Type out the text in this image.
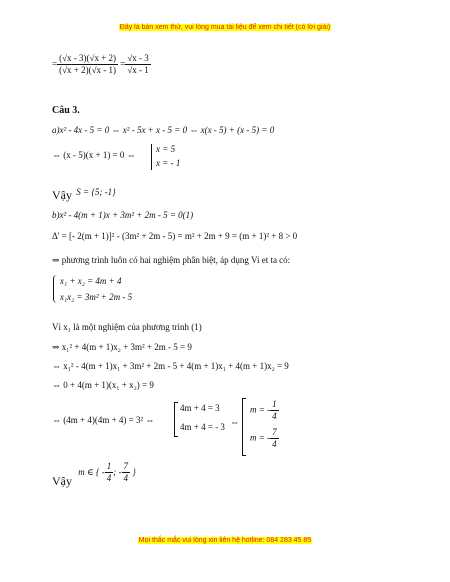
Đây là bản xem thử, vui lòng mua tài liệu để xem chi tiết (có lời giải)
= $\frac{(√x - 3)(√x + 2)}{(√x + 2)(√x - 1)} = \frac{√x - 3}{√x - 1}$
Câu 3.
a)x² - 4x - 5 = 0 ⇔ x² - 5x + x - 5 = 0 ⇔ x(x - 5) + (x - 5) = 0
⇔ (x - 5)(x + 1) = 0 ⇔
x = 5
x = - 1
Vậy S = {5; -1}
b)x² - 4(m + 1)x + 3m² + 2m - 5 = 0(1)
Δ' = [- 2(m + 1)]² - (3m² + 2m - 5) = m² + 2m + 9 = (m + 1)² + 8 > 0
⇒ phương trình luôn có hai nghiệm phân biệt, áp dụng Vi et ta có:
x₁ + x₂ = 4m + 4
x₁x₂ = 3m² + 2m - 5
Vì x₁ là một nghiệm của phương trình (1)
⇒ x₁² + 4(m + 1)x₂ + 3m² + 2m - 5 = 9
⇔ x₁² - 4(m + 1)x₁ + 3m² + 2m - 5 + 4(m + 1)x₁ + 4(m + 1)x₂ = 9
⇔ 0 + 4(m + 1)(x₁ + x₂) = 9
⇔ (4m + 4)(4m + 4) = 3² ⇔
4m + 4 = 3
4m + 4 = - 3 ⇔
m = - $\frac{1}{4}$
m = - $\frac{7}{4}$
Vậy m ∈ { - $\frac{1}{4}$ ; - $\frac{7}{4}$ }
Mọi thắc mắc vui lòng xin liên hệ hotline: 084 283 45 85
